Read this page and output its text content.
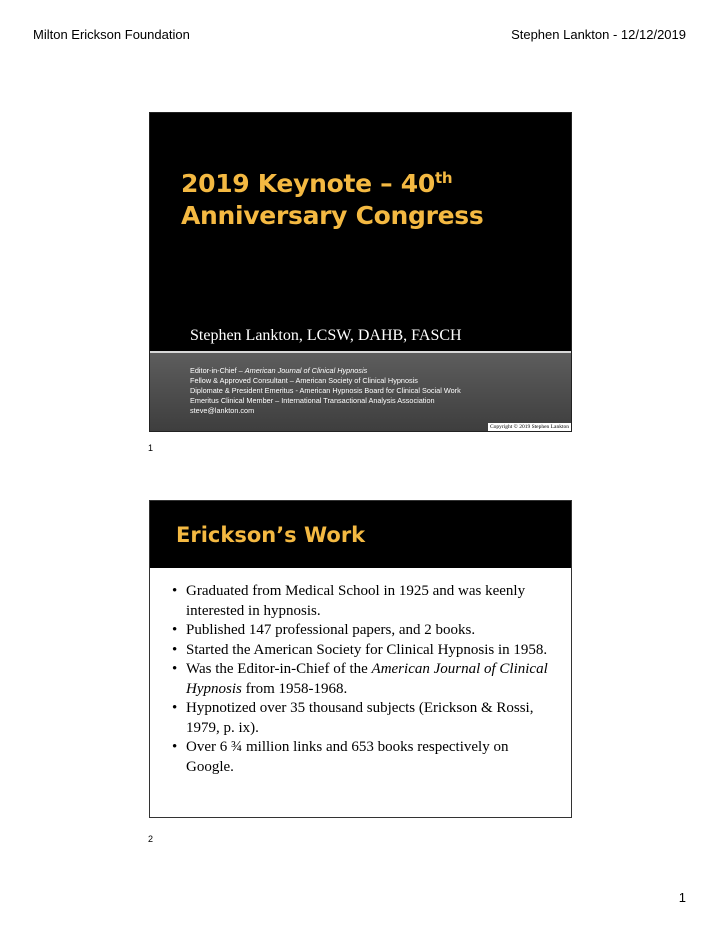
Milton Erickson Foundation	Stephen Lankton - 12/12/2019
2019 Keynote – 40th
Anniversary Congress
Stephen Lankton, LCSW, DAHB, FASCH
Editor-in-Chief – American Journal of Clinical Hypnosis
Fellow & Approved Consultant – American Society of Clinical Hypnosis
Diplomate & President Emeritus - American Hypnosis Board for Clinical Social Work
Emeritus Clinical Member – International Transactional Analysis Association
steve@lankton.com
Copyright © 2019 Stephen Lankton
1
Erickson’s Work
• Graduated from Medical School in 1925 and was keenly interested in hypnosis.
• Published 147 professional papers, and 2 books.
• Started the American Society for Clinical Hypnosis in 1958.
• Was the Editor-in-Chief of the American Journal of Clinical Hypnosis from 1958-1968.
• Hypnotized over 35 thousand subjects (Erickson & Rossi, 1979, p. ix).
• Over 6 ¾ million links and 653 books respectively on Google.
2
1
